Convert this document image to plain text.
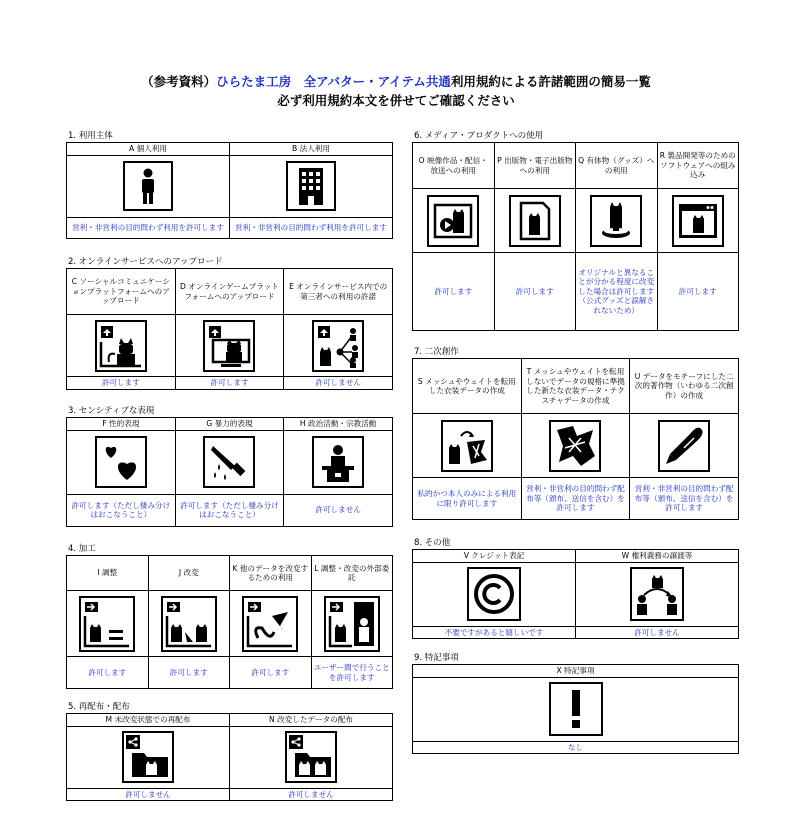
（参考資料）ひらたま工房　全アバター・アイテム共通利用規約による許諾範囲の簡易一覧
必ず利用規約本文を併せてご確認ください
1. 利用主体
A 個人利用	B 法人利用

営利・非営利の目的問わず利用を許可します	営利・非営利の目的問わず利用を許可します
2. オンラインサービスへのアップロード
C ソーシャルコミュニケーションプラットフォームへのアップロード	D オンラインゲームプラットフォームへのアップロード	E オンラインサービス内での第三者への利用の許諾

許可します	許可します	許可しません
3. センシティブな表現
F 性的表現	G 暴力的表現	H 政治活動・宗教活動

許可します（ただし棲み分けはおこなうこと）	許可します（ただし棲み分けはおこなうこと）	許可しません
4. 加工
I 調整	J 改変	K 他のデータを改変するための利用	L 調整・改変の外部委託

許可します	許可します	許可します	ユーザー間で行うことを許可します
5. 再配布・配布
M 未改変状態での再配布	N 改変したデータの配布

許可しません	許可しません
6. メディア・プロダクトへの使用
O 映像作品・配信・放送への利用	P 出版物・電子出版物への利用	Q 有体物（グッズ）への利用	R 製品開発等のためのソフトウェアへの組み込み

許可します	許可します	オリジナルと異なることが分かる程度に改変した場合は許可します（公式グッズと誤解されないため）	許可します
7. 二次創作
S メッシュやウェイトを転用した衣装データの作成	T メッシュやウェイトを転用しないでデータの規格に準拠した新たな衣装データ・テクスチャデータの作成	U データをモチーフにした二次的著作物（いわゆる二次創作）の作成

私的かつ本人のみによる利用に限り許可します	営利・非営利の目的問わず配布等（頒布、送信を含む）を許可します	営利・非営利の目的問わず配布等（頒布、送信を含む）を許可します
8. その他
V クレジット表記	W 権利義務の譲渡等

不要ですがあると嬉しいです	許可しません
9. 特記事項
X 特記事項

なし
